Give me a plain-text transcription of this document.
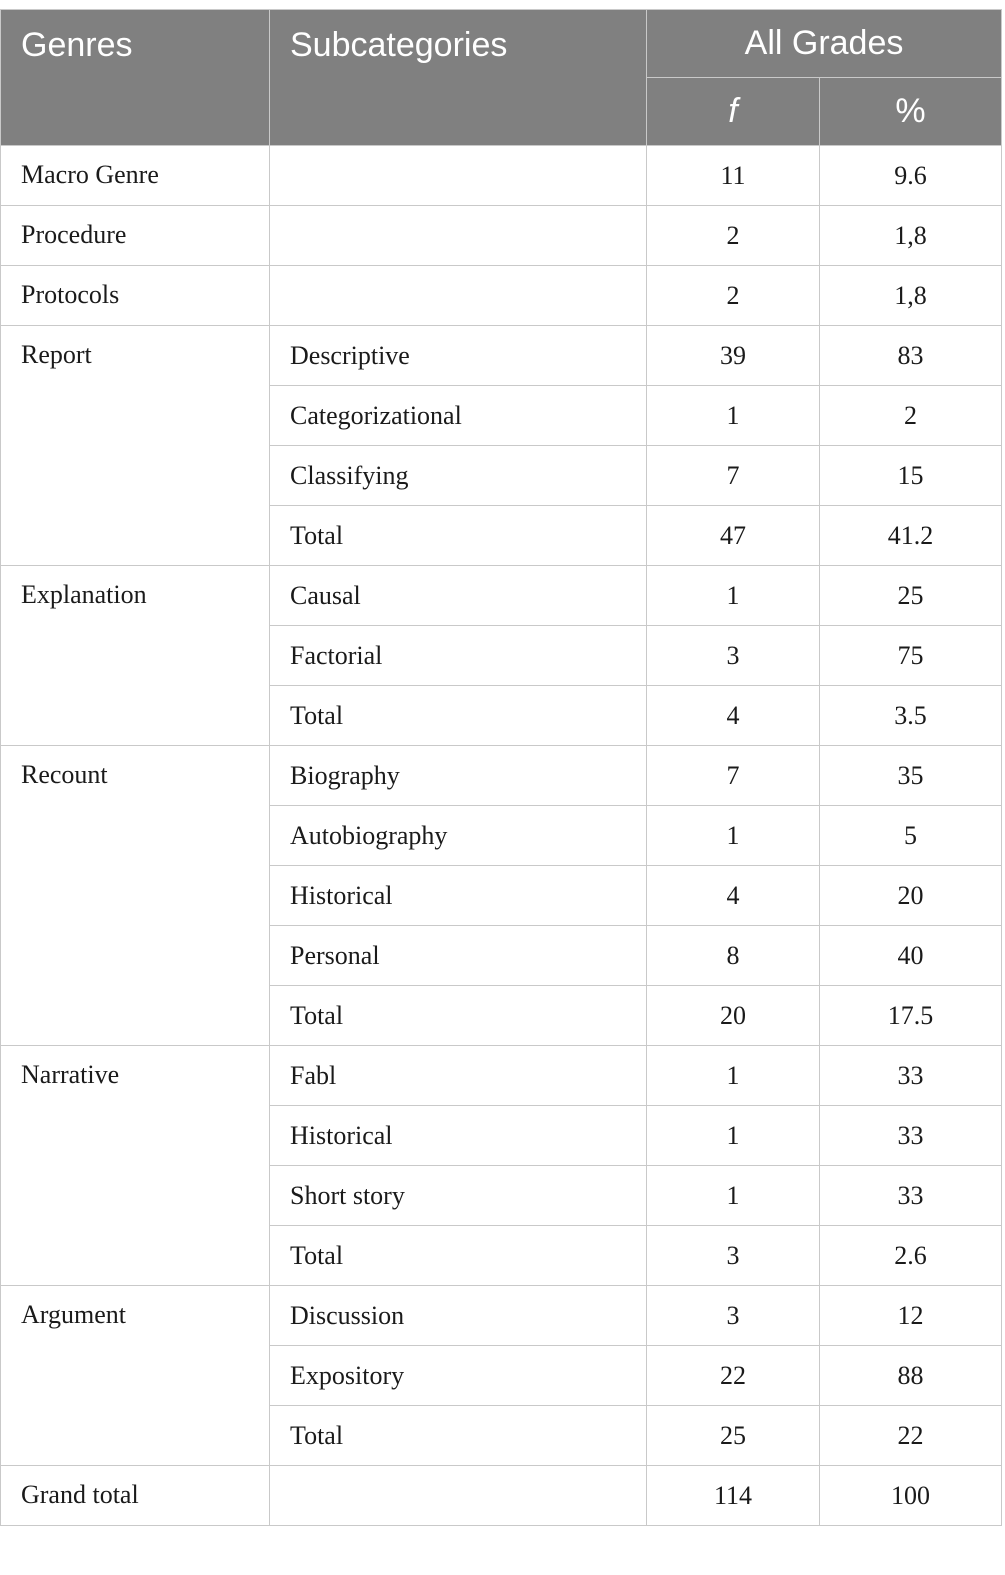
Genres	Subcategories	All Grades	
		f	%
Macro Genre		11	9.6
Procedure		2	1,8
Protocols		2	1,8
Report	Descriptive	39	83
	Categorizational	1	2
	Classifying	7	15
	Total	47	41.2
Explanation	Causal	1	25
	Factorial	3	75
	Total	4	3.5
Recount	Biography	7	35
	Autobiography	1	5
	Historical	4	20
	Personal	8	40
	Total	20	17.5
Narrative	Fabl	1	33
	Historical	1	33
	Short story	1	33
	Total	3	2.6
Argument	Discussion	3	12
	Expository	22	88
	Total	25	22
Grand total		114	100
